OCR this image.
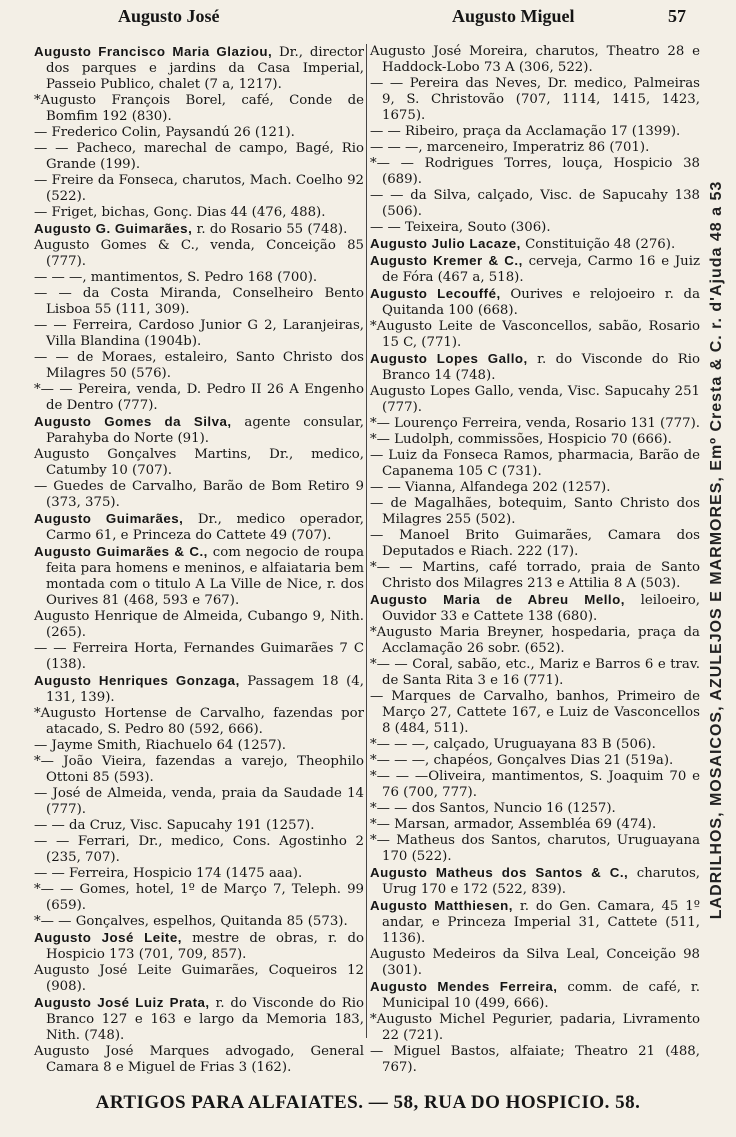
Augusto José	Augusto Miguel	57

Augusto Francisco Maria Glaziou, Dr., director dos parques e jardins da Casa Imperial, Passeio Publico, chalet (7 a, 1217).

*Augusto François Borel, café, Conde de Bomfim 192 (830).

— Frederico Colin, Paysandú 26 (121).

— — Pacheco, marechal de campo, Bagé, Rio Grande (199).

— Freire da Fonseca, charutos, Mach. Coelho 92 (522).

— Friget, bichas, Gonç. Dias 44 (476, 488).

Augusto G. Guimarães, r. do Rosario 55 (748).

Augusto Gomes & C., venda, Conceição 85 (777).

— — —, mantimentos, S. Pedro 168 (700).

— — da Costa Miranda, Conselheiro Bento Lisboa 55 (111, 309).

— — Ferreira, Cardoso Junior G 2, Laranjeiras, Villa Blandina (1904b).

— — de Moraes, estaleiro, Santo Christo dos Milagres 50 (576).

*— — Pereira, venda, D. Pedro II 26 A Engenho de Dentro (777).

Augusto Gomes da Silva, agente consular, Parahyba do Norte (91).

Augusto Gonçalves Martins, Dr., medico, Catumby 10 (707).

— Guedes de Carvalho, Barão de Bom Retiro 9 (373, 375).

Augusto Guimarães, Dr., medico operador, Carmo 61, e Princeza do Cattete 49 (707).

Augusto Guimarães & C., com negocio de roupa feita para homens e meninos, e alfaiataria bem montada com o titulo A La Ville de Nice, r. dos Ourives 81 (468, 593 e 767).

Augusto Henrique de Almeida, Cubango 9, Nith. (265).

— — Ferreira Horta, Fernandes Guimarães 7 C (138).

Augusto Henriques Gonzaga, Passagem 18 (4, 131, 139).

*Augusto Hortense de Carvalho, fazendas por atacado, S. Pedro 80 (592, 666).

— Jayme Smith, Riachuelo 64 (1257).

*— João Vieira, fazendas a varejo, Theophilo Ottoni 85 (593).

— José de Almeida, venda, praia da Saudade 14 (777).

— — da Cruz, Visc. Sapucahy 191 (1257).

— — Ferrari, Dr., medico, Cons. Agostinho 2 (235, 707).

— — Ferreira, Hospicio 174 (1475 aaa).

*— — Gomes, hotel, 1º de Março 7, Teleph. 99 (659).

*— — Gonçalves, espelhos, Quitanda 85 (573).

Augusto José Leite, mestre de obras, r. do Hospicio 173 (701, 709, 857).

Augusto José Leite Guimarães, Coqueiros 12 (908).

Augusto José Luiz Prata, r. do Visconde do Rio Branco 127 e 163 e largo da Memoria 183, Nith. (748).

Augusto José Marques advogado, General Camara 8 e Miguel de Frias 3 (162).

Augusto José Moreira, charutos, Theatro 28 e Haddock-Lobo 73 A (306, 522).

— — Pereira das Neves, Dr. medico, Palmeiras 9, S. Christovão (707, 1114, 1415, 1423, 1675).

— — Ribeiro, praça da Acclamação 17 (1399).

— — —, marceneiro, Imperatriz 86 (701).

*— — Rodrigues Torres, louça, Hospicio 38 (689).

— — da Silva, calçado, Visc. de Sapucahy 138 (506).

— — Teixeira, Souto (306).

Augusto Julio Lacaze, Constituição 48 (276).

Augusto Kremer & C., cerveja, Carmo 16 e Juiz de Fóra (467 a, 518).

Augusto Lecouffé, Ourives e relojoeiro r. da Quitanda 100 (668).

*Augusto Leite de Vasconcellos, sabão, Rosario 15 C, (771).

Augusto Lopes Gallo, r. do Visconde do Rio Branco 14 (748).

Augusto Lopes Gallo, venda, Visc. Sapucahy 251 (777).

*— Lourenço Ferreira, venda, Rosario 131 (777).

*— Ludolph, commissões, Hospicio 70 (666).

— Luiz da Fonseca Ramos, pharmacia, Barão de Capanema 105 C (731).

— — Vianna, Alfandega 202 (1257).

— de Magalhães, botequim, Santo Christo dos Milagres 255 (502).

— Manoel Brito Guimarães, Camara dos Deputados e Riach. 222 (17).

*— — Martins, café torrado, praia de Santo Christo dos Milagres 213 e Attilia 8 A (503).

Augusto Maria de Abreu Mello, leiloeiro, Ouvidor 33 e Cattete 138 (680).

*Augusto Maria Breyner, hospedaria, praça da Acclamação 26 sobr. (652).

*— — Coral, sabão, etc., Mariz e Barros 6 e trav. de Santa Rita 3 e 16 (771).

— Marques de Carvalho, banhos, Primeiro de Março 27, Cattete 167, e Luiz de Vasconcellos 8 (484, 511).

*— — —, calçado, Uruguayana 83 B (506).

*— — —, chapéos, Gonçalves Dias 21 (519a).

*— — —Oliveira, mantimentos, S. Joaquim 70 e 76 (700, 777).

*— — dos Santos, Nuncio 16 (1257).

*— Marsan, armador, Assembléa 69 (474).

*— Matheus dos Santos, charutos, Uruguayana 170 (522).

Augusto Matheus dos Santos & C., charutos, Urug 170 e 172 (522, 839).

Augusto Matthiesen, r. do Gen. Camara, 45 1º andar, e Princeza Imperial 31, Cattete (511, 1136).

Augusto Medeiros da Silva Leal, Conceição 98 (301).

Augusto Mendes Ferreira, comm. de café, r. Municipal 10 (499, 666).

*Augusto Michel Pegurier, padaria, Livramento 22 (721).

— Miguel Bastos, alfaiate; Theatro 21 (488, 767).

LADRILHOS, MOSAICOS, AZULEJOS E MARMORES, Emº Cresta & C. r. d'Ajuda 48 a 53
ARTIGOS PARA ALFAIATES. — 58, RUA DO HOSPICIO. 58.
